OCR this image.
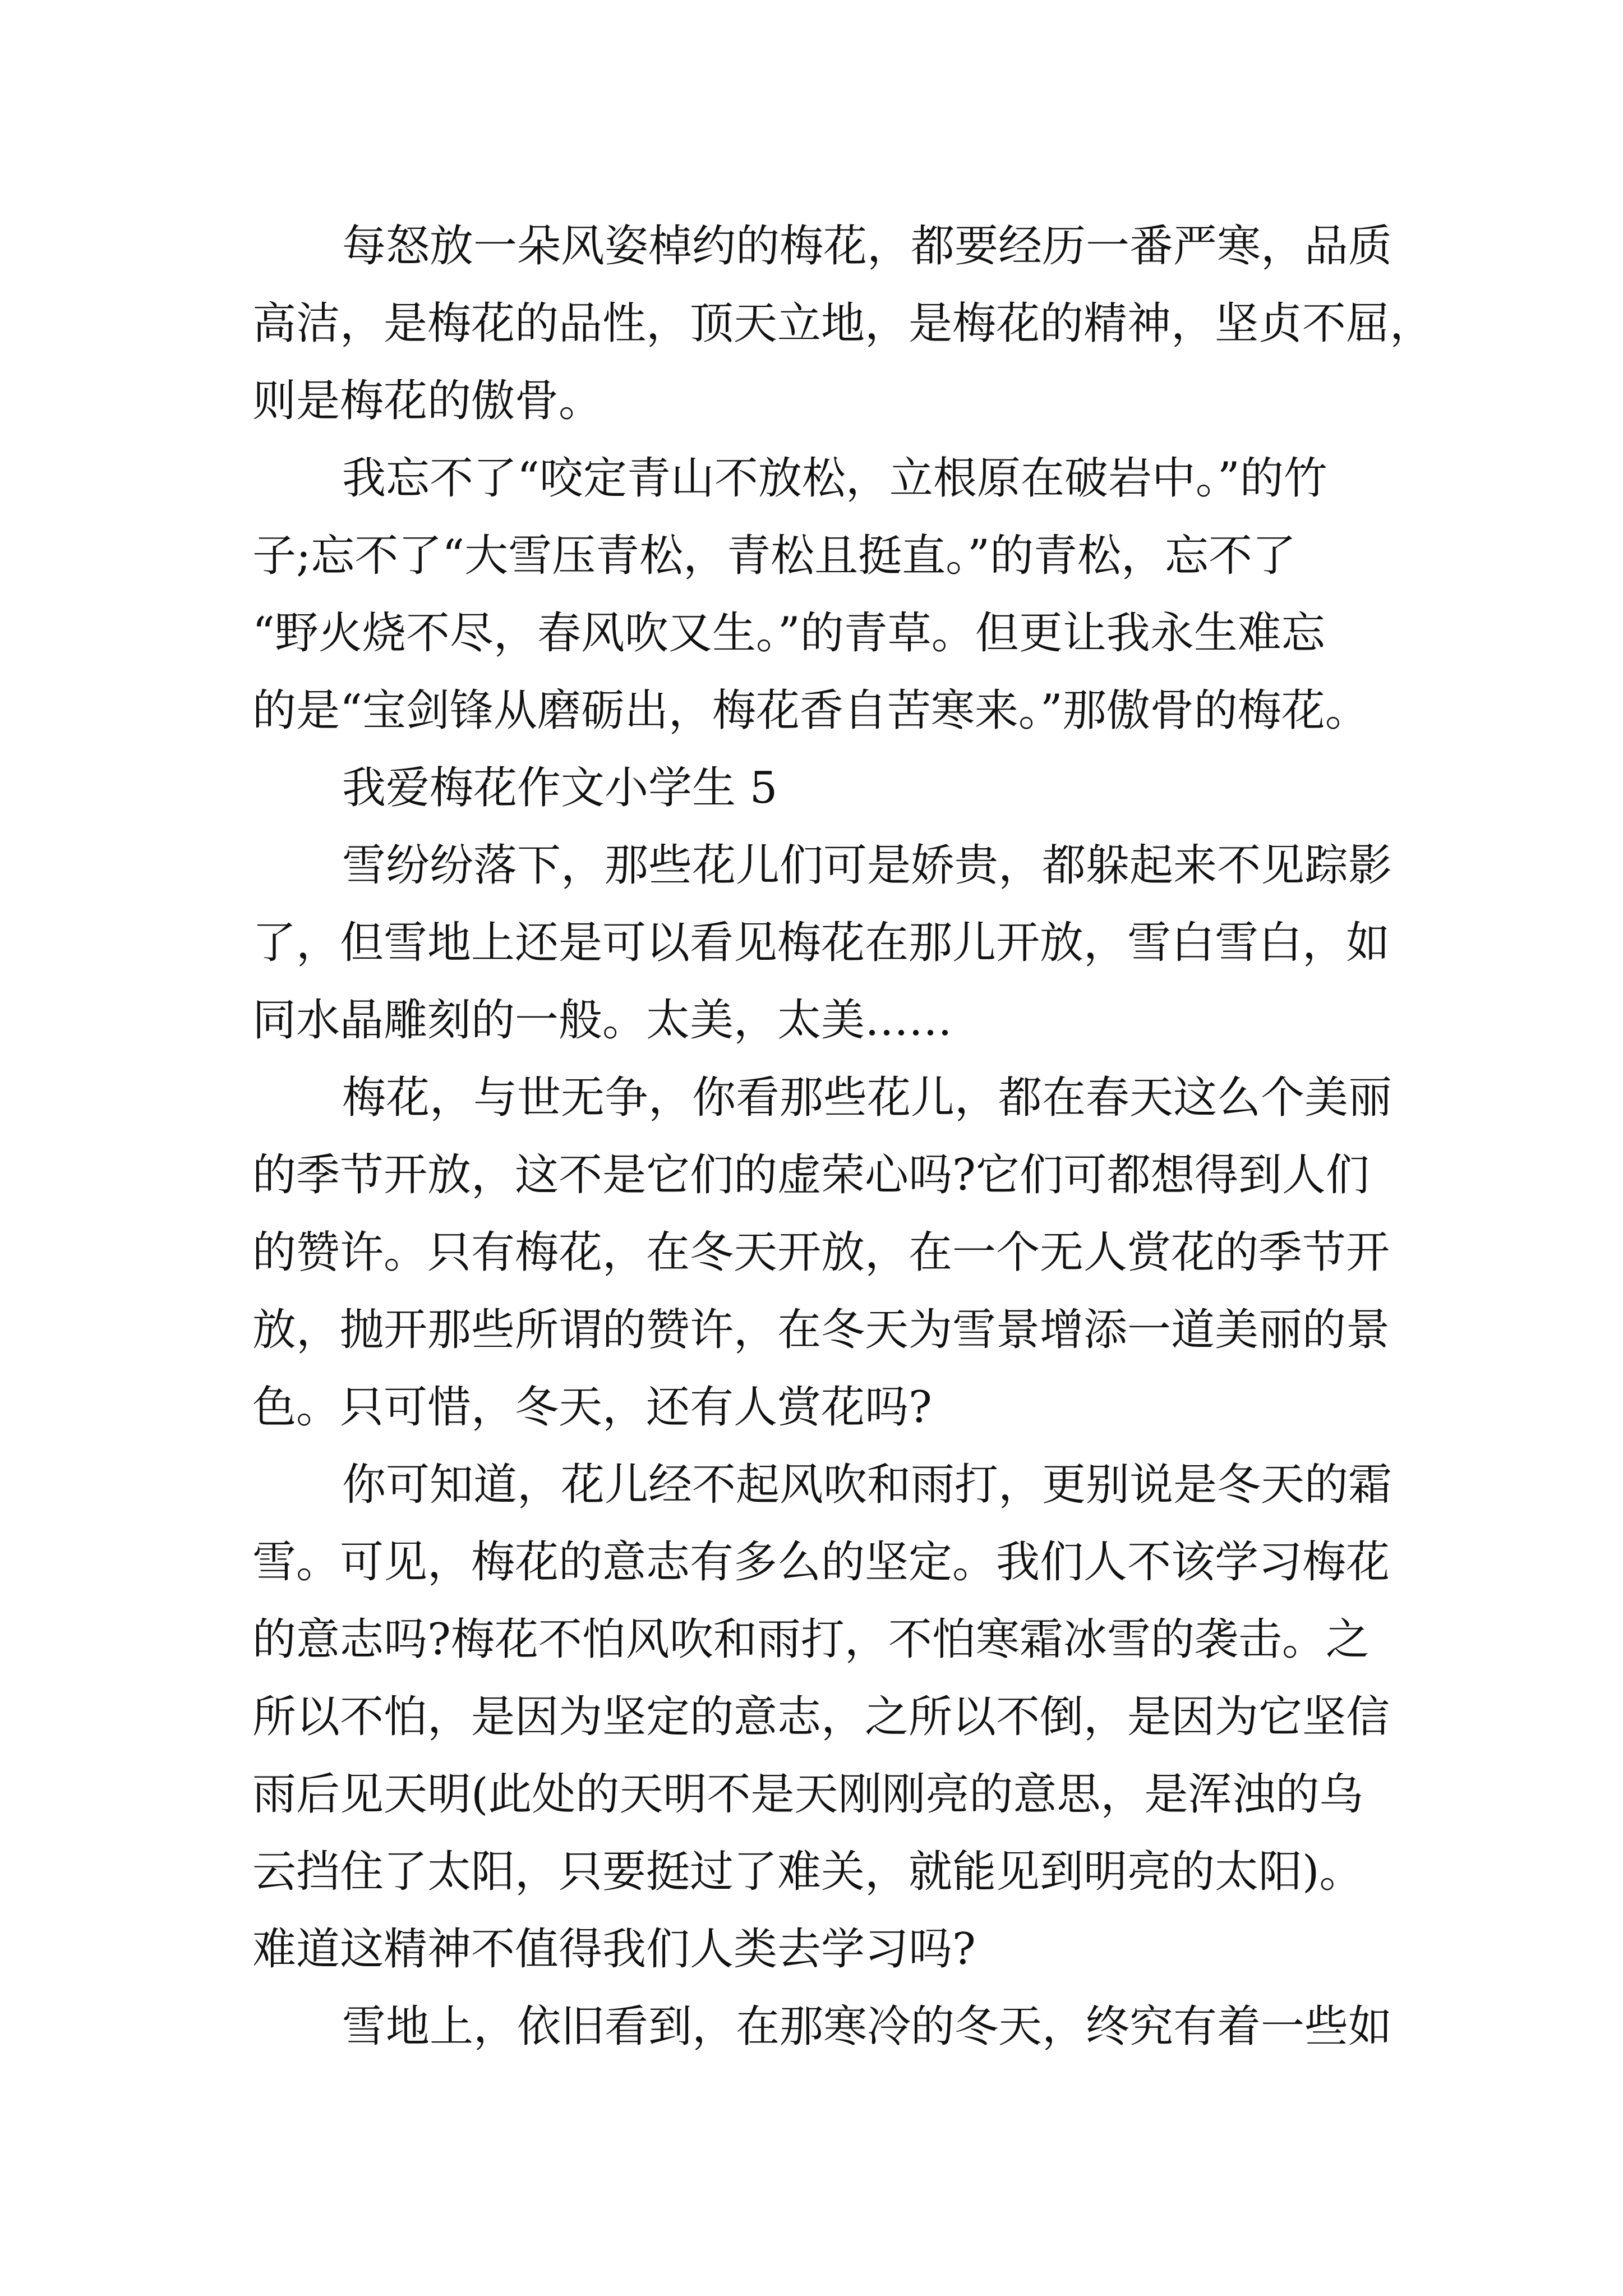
每怒放一朵风姿棹约的梅花，都要经历一番严寒，品质
高洁，是梅花的品性，顶天立地，是梅花的精神，坚贞不屈，
则是梅花的傲骨。
我忘不了“咬定青山不放松，立根原在破岩中。”的竹
子;忘不了“大雪压青松，青松且挺直。”的青松，忘不了
“野火烧不尽，春风吹又生。”的青草。但更让我永生难忘
的是“宝剑锋从磨砺出，梅花香自苦寒来。”那傲骨的梅花。
我爱梅花作文小学生 5
雪纷纷落下，那些花儿们可是娇贵，都躲起来不见踪影
了，但雪地上还是可以看见梅花在那儿开放，雪白雪白，如
同水晶雕刻的一般。太美，太美……
梅花，与世无争，你看那些花儿，都在春天这么个美丽
的季节开放，这不是它们的虚荣心吗?它们可都想得到人们
的赞许。只有梅花，在冬天开放，在一个无人赏花的季节开
放，抛开那些所谓的赞许，在冬天为雪景增添一道美丽的景
色。只可惜，冬天，还有人赏花吗?
你可知道，花儿经不起风吹和雨打，更别说是冬天的霜
雪。可见，梅花的意志有多么的坚定。我们人不该学习梅花
的意志吗?梅花不怕风吹和雨打，不怕寒霜冰雪的袭击。之
所以不怕，是因为坚定的意志，之所以不倒，是因为它坚信
雨后见天明(此处的天明不是天刚刚亮的意思，是浑浊的乌
云挡住了太阳，只要挺过了难关，就能见到明亮的太阳)。
难道这精神不值得我们人类去学习吗?
雪地上，依旧看到，在那寒冷的冬天，终究有着一些如
